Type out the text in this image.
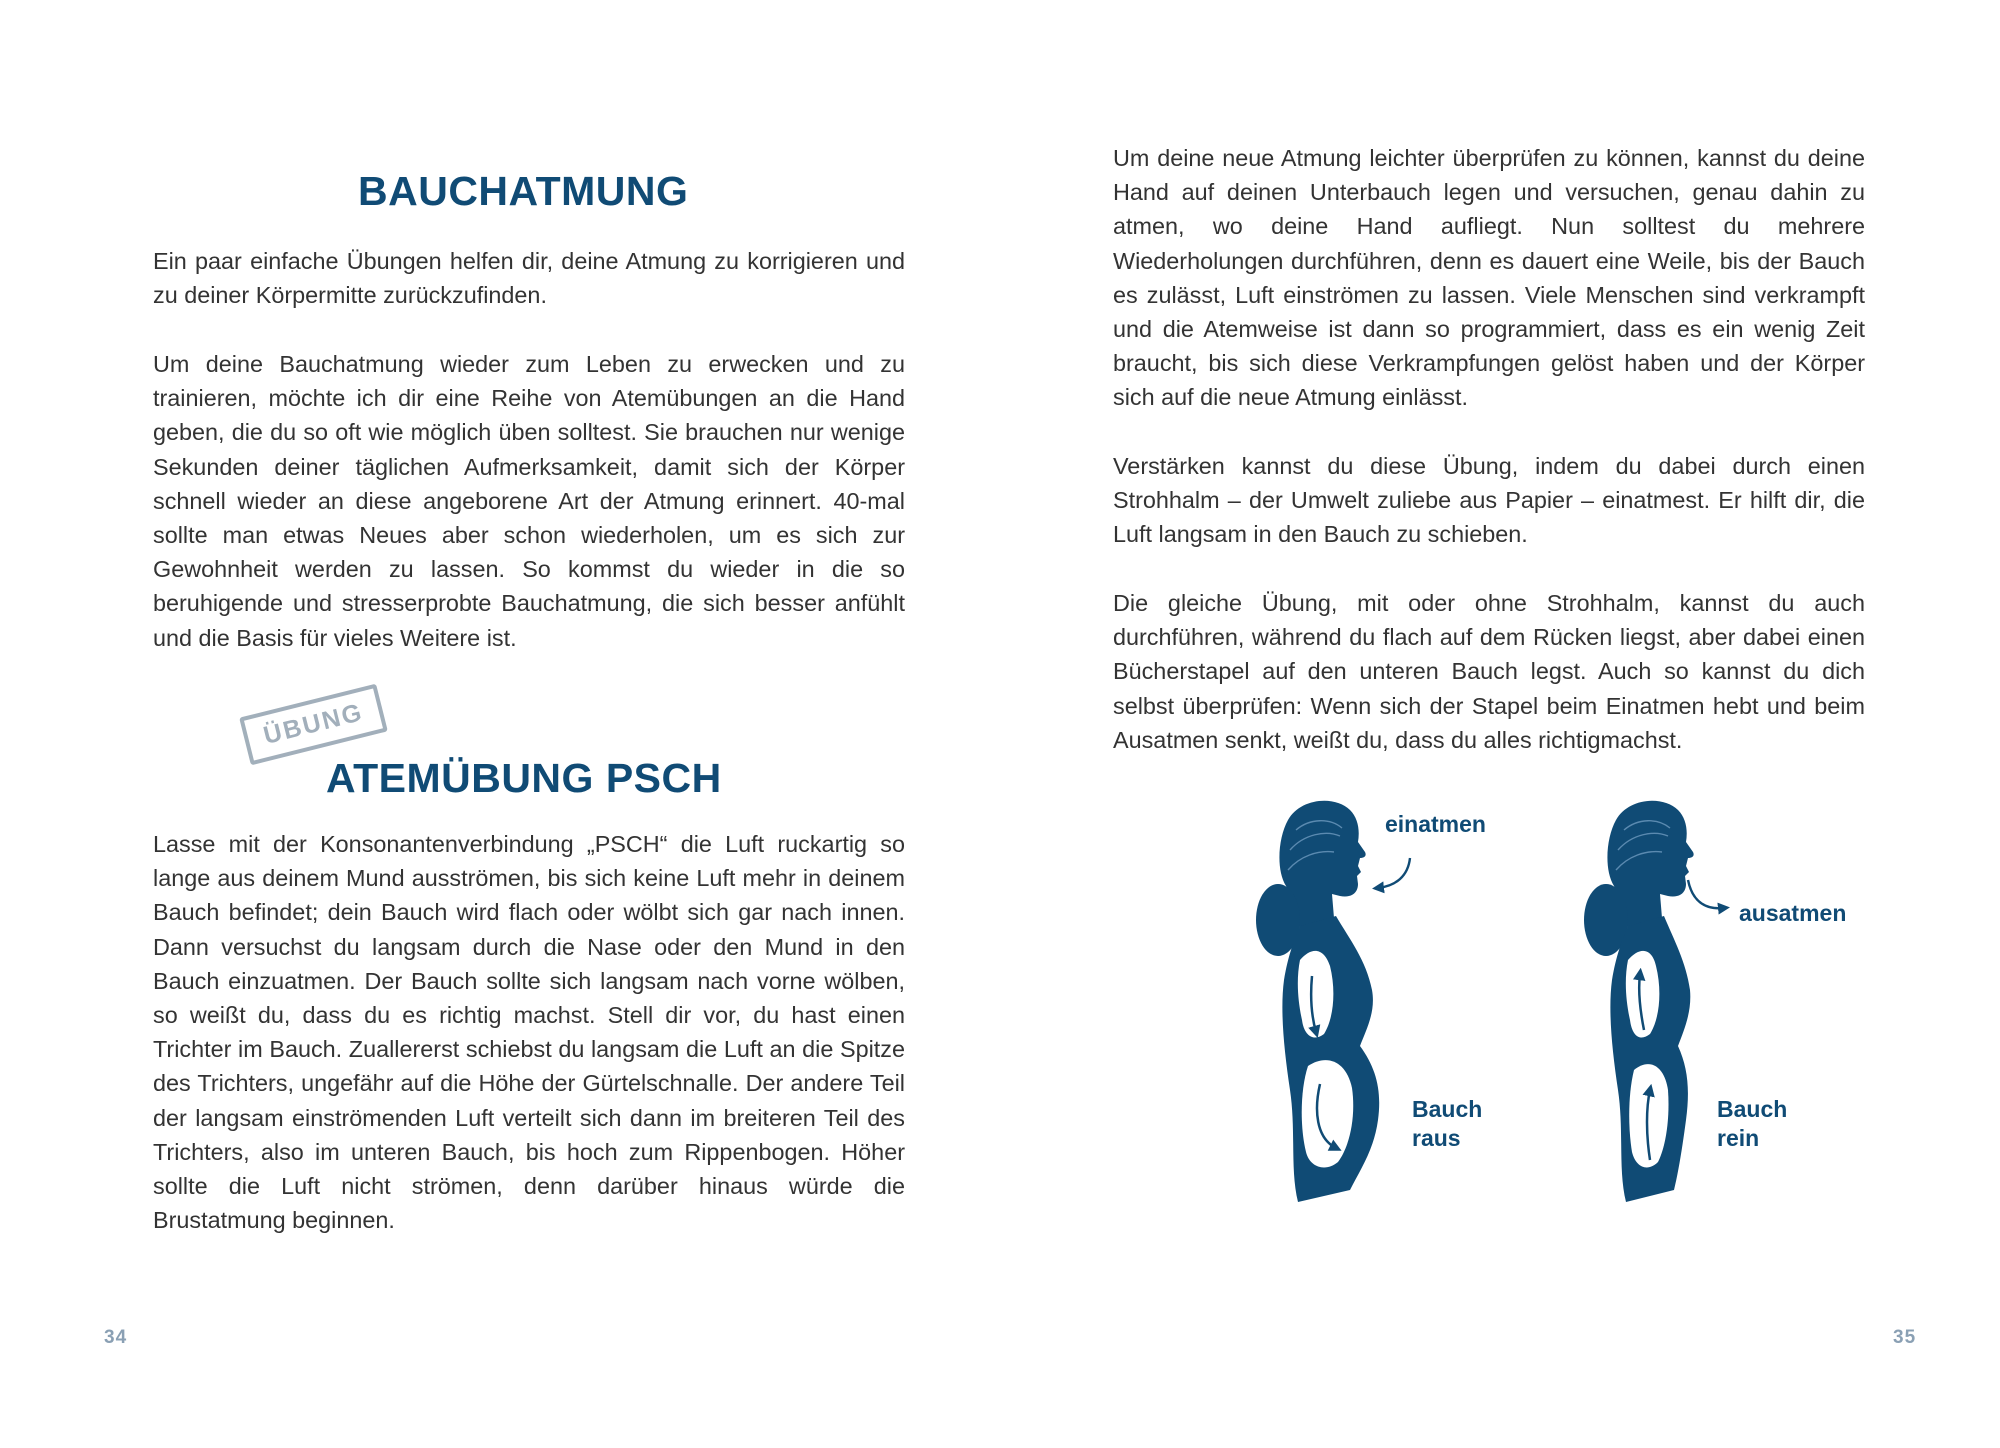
BAUCHATMUNG

Ein paar einfache Übungen helfen dir, deine Atmung zu korrigieren und zu deiner Körpermitte zurückzufinden.

Um deine Bauchatmung wieder zum Leben zu erwecken und zu trainieren, möchte ich dir eine Reihe von Atemübungen an die Hand geben, die du so oft wie möglich üben solltest. Sie brauchen nur wenige Sekunden deiner täglichen Aufmerksamkeit, damit sich der Körper schnell wieder an diese angeborene Art der Atmung erinnert. 40-mal sollte man etwas Neues aber schon wiederholen, um es sich zur Gewohnheit werden zu lassen. So kommst du wieder in die so beruhigende und stresserprobte Bauchatmung, die sich besser anfühlt und die Basis für vieles Weitere ist.

ÜBUNG
ATEMÜBUNG PSCH

Lasse mit der Konsonantenverbindung „PSCH“ die Luft ruckartig so lange aus deinem Mund ausströmen, bis sich keine Luft mehr in deinem Bauch befindet; dein Bauch wird flach oder wölbt sich gar nach innen. Dann versuchst du langsam durch die Nase oder den Mund in den Bauch einzuatmen. Der Bauch sollte sich langsam nach vorne wölben, so weißt du, dass du es richtig machst. Stell dir vor, du hast einen Trichter im Bauch. Zuallererst schiebst du langsam die Luft an die Spitze des Trichters, ungefähr auf die Höhe der Gürtelschnalle. Der andere Teil der langsam einströmenden Luft verteilt sich dann im breiteren Teil des Trichters, also im unteren Bauch, bis hoch zum Rippenbogen. Höher sollte die Luft nicht strömen, denn darüber hinaus würde die Brustatmung beginnen.

34

Um deine neue Atmung leichter überprüfen zu können, kannst du deine Hand auf deinen Unterbauch legen und versuchen, genau dahin zu atmen, wo deine Hand aufliegt. Nun solltest du mehrere Wiederholungen durchführen, denn es dauert eine Weile, bis der Bauch es zulässt, Luft einströmen zu lassen. Viele Menschen sind verkrampft und die Atemweise ist dann so programmiert, dass es ein wenig Zeit braucht, bis sich diese Verkrampfungen gelöst haben und der Körper sich auf die neue Atmung einlässt.

Verstärken kannst du diese Übung, indem du dabei durch einen Strohhalm – der Umwelt zuliebe aus Papier – einatmest. Er hilft dir, die Luft langsam in den Bauch zu schieben.

Die gleiche Übung, mit oder ohne Strohhalm, kannst du auch durchführen, während du flach auf dem Rücken liegst, aber dabei einen Bücherstapel auf den unteren Bauch legst. Auch so kannst du dich selbst überprüfen: Wenn sich der Stapel beim Einatmen hebt und beim Ausatmen senkt, weißt du, dass du alles richtigmachst.

einatmen
Bauch
raus
ausatmen
Bauch
rein
35
